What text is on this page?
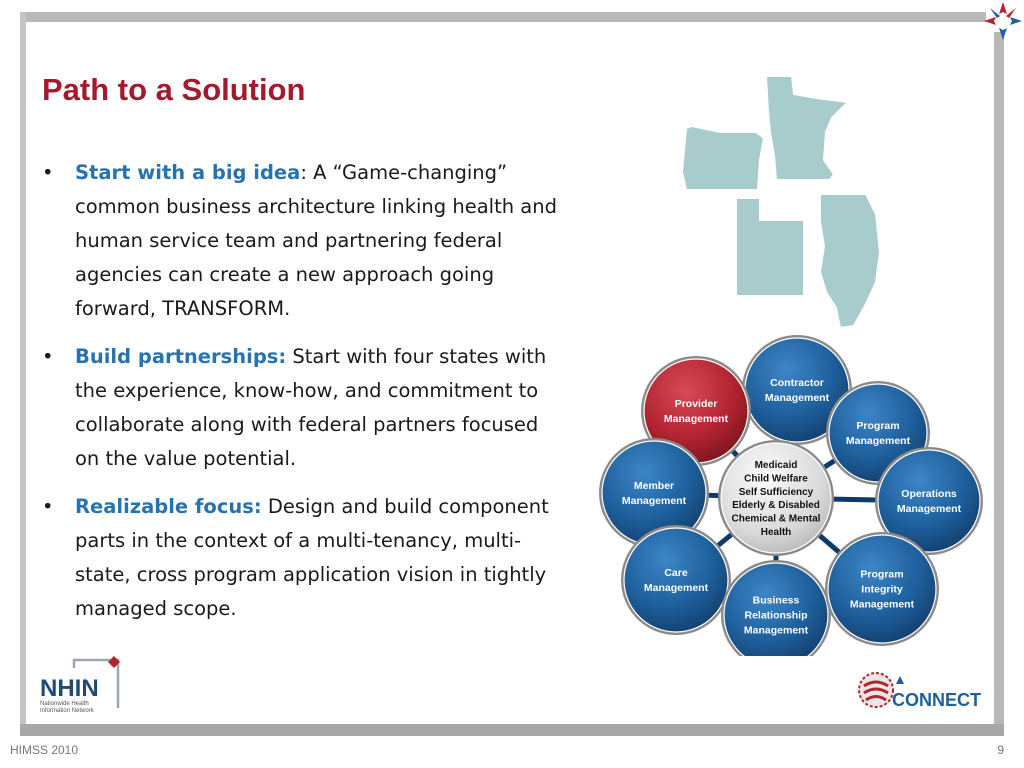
Path to a Solution
• Start with a big idea: A “Game-changing” common business architecture linking health and human service team and partnering federal agencies can create a new approach going forward, TRANSFORM.
• Build partnerships: Start with four states with the experience, know-how, and commitment to collaborate along with federal partners focused on the value potential.
• Realizable focus: Design and build component parts in the context of a multi-tenancy, multi-state, cross program application vision in tightly managed scope.
Contractor
Management
Provider
Management
Program
Management
Member
Management
Operations
Management
Care
Management
Business
Relationship
Management
Program
Integrity
Management
Medicaid
Child Welfare
Self Sufficiency
Elderly & Disabled
Chemical & Mental
Health
NHIN
Nationwide Health
Information Network
CONNECT
HIMSS 2010	9
